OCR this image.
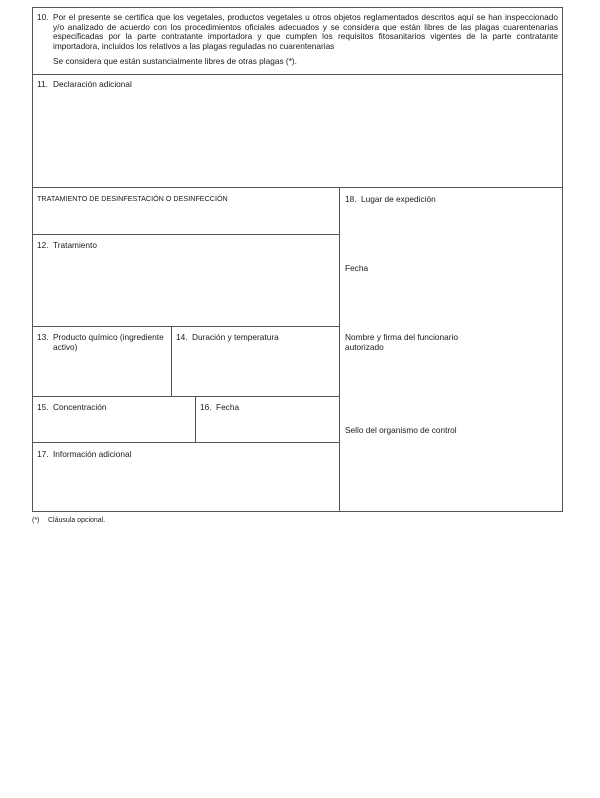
10. Por el presente se certifica que los vegetales, productos vegetales u otros objetos reglamentados descritos aquí se han inspeccionado y/o analizado de acuerdo con los procedimientos oficiales adecuados y se considera que están libres de las plagas cuarentenarias especificadas por la parte contratante importadora y que cumplen los requisitos fitosanitarios vigentes de la parte contratante importadora, incluidos los relativos a las plagas reguladas no cuarentenarias
Se considera que están sustancialmente libres de otras plagas (*).
11. Declaración adicional
TRATAMIENTO DE DESINFESTACIÓN O DESINFECCIÓN
12. Tratamiento
13. Producto químico (ingrediente activo)
14. Duración y temperatura
15. Concentración	16. Fecha
17. Información adicional
18. Lugar de expedición
Fecha
Nombre y firma del funcionario autorizado
Sello del organismo de control
(*) Cláusula opcional.
